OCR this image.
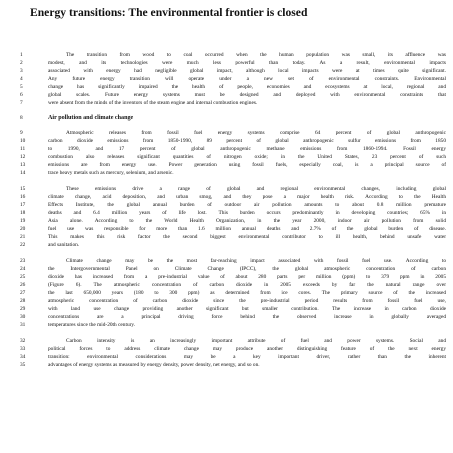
Energy transitions: The environmental frontier is closed
1	The transition from wood to coal occurred when the human population was small, its affluence was
2	modest, and its technologies were much less powerful than today. As a result, environmental impacts
3	associated with energy had negligible global impact, although local impacts were at times quite significant.
4	Any future energy transition will operate under a new set of environmental constraints. Environmental
5	change has significantly impaired the health of people, economies and ecosystems at local, regional and
6	global scales. Future energy systems must be designed and deployed with environmental constraints that
7	were absent from the minds of the inventors of the steam engine and internal combustion engines.
8	Air pollution and climate change
9	Atmospheric releases from fossil fuel energy systems comprise 64 percent of global anthropogenic
10	carbon dioxide emissions from 1850-1990, 89 percent of global anthropogenic sulfur emissions from 1850
11	to 1990, and 17 percent of global anthropogenic methane emissions from 1860-1994. Fossil energy
12	combustion also releases significant quantities of nitrogen oxide; in the United States, 23 percent of such
13	emissions are from energy use. Power generation using fossil fuels, especially coal, is a principal source of
14	trace heavy metals such as mercury, selenium, and arsenic.
15	These emissions drive a range of global and regional environmental changes, including global
16	climate change, acid deposition, and urban smog, and they pose a major health risk. According to the Health
17	Effects Institute, the global annual burden of outdoor air pollution amounts to about 0.8 million premature
18	deaths and 6.4 million years of life lost. This burden occurs predominantly in developing countries; 65% in
19	Asia alone. According to the World Health Organization, in the year 2000, indoor air pollution from solid
20	fuel use was responsible for more than 1.6 million annual deaths and 2.7% of the global burden of disease.
21	This makes this risk factor the second biggest environmental contributor to ill health, behind unsafe water
22	and sanitation.
23	Climate change may be the most far-reaching impact associated with fossil fuel use. According to
24	the Intergovernmental Panel on Climate Change (IPCC), the global atmospheric concentration of carbon
25	dioxide has increased from a pre-industrial value of about 280 parts per million (ppm) to 379 ppm in 2005
26	(Figure 6). The atmospheric concentration of carbon dioxide in 2005 exceeds by far the natural range over
27	the last 650,000 years (180 to 300 ppm) as determined from ice cores. The primary source of the increased
28	atmospheric concentration of carbon dioxide since the pre-industrial period results from fossil fuel use,
29	with land use change providing another significant but smaller contribution. The increase in carbon dioxide
30	concentrations are a principal driving force behind the observed increase in globally averaged
31	temperatures since the mid-20th century.
32	Carbon intensity is an increasingly important attribute of fuel and power systems. Social and
33	political forces to address climate change may produce another distinguishing feature of the next energy
34	transition: environmental considerations may be a key important driver, rather than the inherent
35	advantages of energy systems as measured by energy density, power density, net energy, and so on.
